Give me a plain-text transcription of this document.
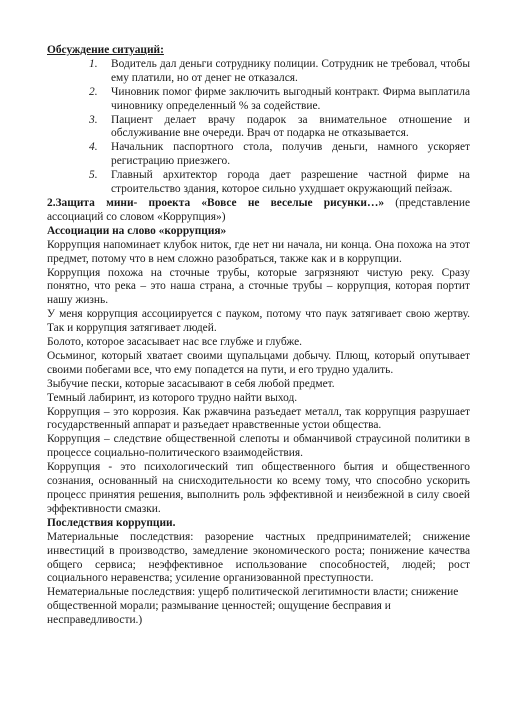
Обсуждение ситуаций:

1. Водитель дал деньги сотруднику полиции. Сотрудник не требовал, чтобы ему платили, но от денег не отказался.
2. Чиновник помог фирме заключить выгодный контракт. Фирма выплатила чиновнику определенный % за содействие.
3. Пациент делает врачу подарок за внимательное отношение и обслуживание вне очереди. Врач от подарка не отказывается.
4. Начальник паспортного стола, получив деньги, намного ускоряет регистрацию приезжего.
5. Главный архитектор города дает разрешение частной фирме на строительство здания, которое сильно ухудшает окружающий пейзаж.

2.Защита мини- проекта «Вовсе не веселые рисунки…» (представление ассоциаций со словом «Коррупция»)

Ассоциации на слово «коррупция»

Коррупция напоминает клубок ниток, где нет ни начала, ни конца. Она похожа на этот предмет, потому что в нем сложно разобраться, также как и в коррупции.

Коррупция похожа на сточные трубы, которые загрязняют чистую реку. Сразу понятно, что река – это наша страна, а сточные трубы – коррупция, которая портит нашу жизнь.

У меня коррупция ассоциируется с пауком, потому что паук затягивает свою жертву. Так и коррупция затягивает людей.

Болото, которое засасывает нас все глубже и глубже.

Осьминог, который хватает своими щупальцами добычу. Плющ, который опутывает своими побегами все, что ему попадется на пути, и его трудно удалить.

Зыбучие пески, которые засасывают в себя любой предмет.

Темный лабиринт, из которого трудно найти выход.

Коррупция – это коррозия. Как ржавчина разъедает металл, так коррупция разрушает государственный аппарат и разъедает нравственные устои общества.

Коррупция – следствие общественной слепоты и обманчивой страусиной политики в процессе социально-политического взаимодействия.

Коррупция - это психологический тип общественного бытия и общественного сознания, основанный на снисходительности ко всему тому, что способно ускорить процесс принятия решения, выполнить роль эффективной и неизбежной в силу своей эффективности смазки.

Последствия коррупции.

Материальные последствия: разорение частных предпринимателей; снижение инвестиций в производство, замедление экономического роста; понижение качества общего сервиса; неэффективное использование способностей, людей; рост социального неравенства; усиление организованной преступности.

Нематериальные последствия: ущерб политической легитимности власти; снижение общественной морали; размывание ценностей; ощущение бесправия и несправедливости.)
